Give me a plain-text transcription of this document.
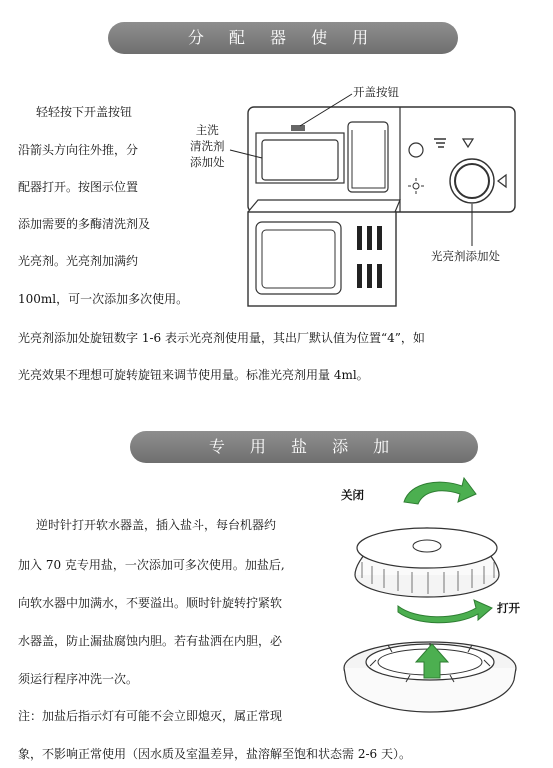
分 配 器 使 用
轻轻按下开盖按钮
沿箭头方向往外推，分
配器打开。按图示位置
添加需要的多酶清洗剂及
光亮剂。光亮剂加满约
100ml，可一次添加多次使用。
光亮剂添加处旋钮数字 1-6 表示光亮剂使用量，其出厂默认值为位置“4”，如
光亮效果不理想可旋转旋钮来调节使用量。标准光亮剂用量 4ml。
开盖按钮
主洗
清洗剂
添加处
光亮剂添加处
专 用 盐 添 加
逆时针打开软水器盖，插入盐斗，每台机器约
加入 70 克专用盐，一次添加可多次使用。加盐后,
向软水器中加满水，不要溢出。顺时针旋转拧紧软
水器盖，防止漏盐腐蚀内胆。若有盐洒在内胆，必
须运行程序冲洗一次。
注：加盐后指示灯有可能不会立即熄灭，属正常现
象，不影响正常使用（因水质及室温差异，盐溶解至饱和状态需 2-6 天）。
关闭
打开
